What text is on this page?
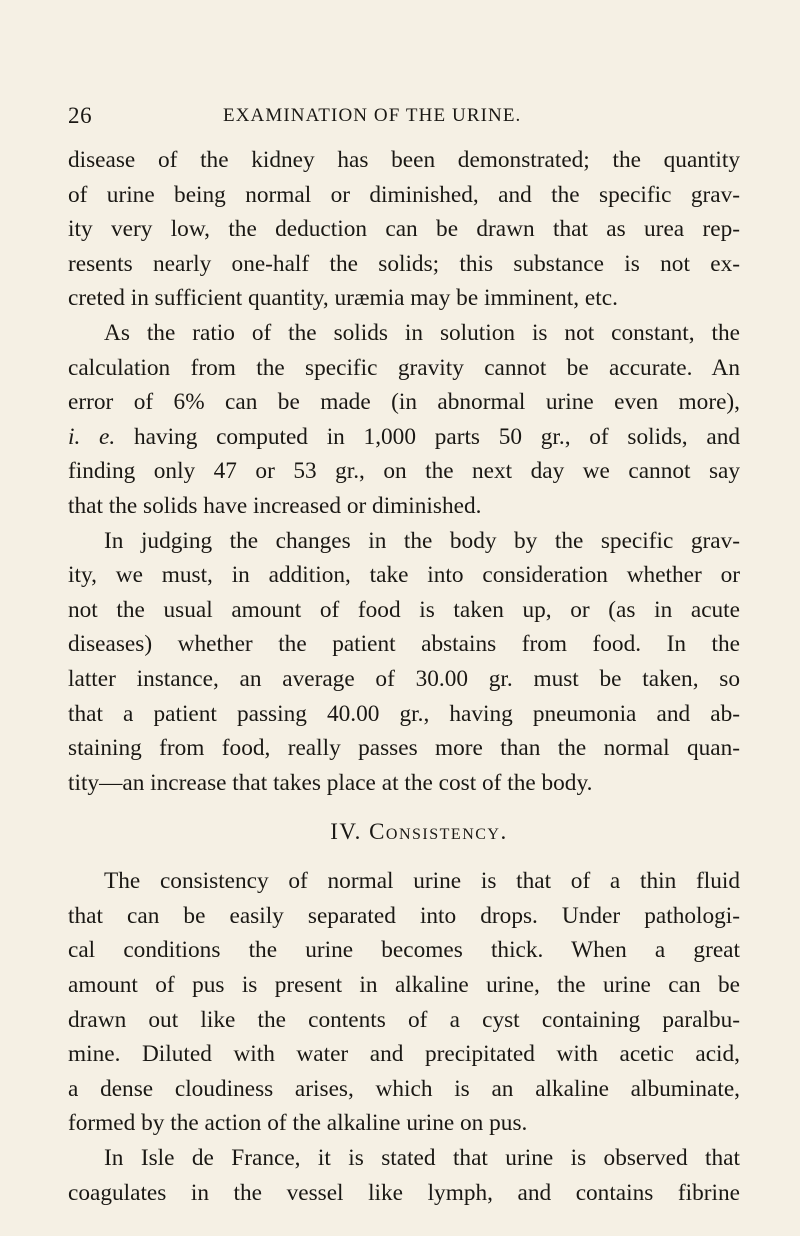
26	EXAMINATION OF THE URINE.
disease of the kidney has been demonstrated; the quantity
of urine being normal or diminished, and the specific grav-
ity very low, the deduction can be drawn that as urea rep-
resents nearly one-half the solids; this substance is not ex-
creted in sufficient quantity, uræmia may be imminent, etc.
As the ratio of the solids in solution is not constant, the
calculation from the specific gravity cannot be accurate. An
error of 6% can be made (in abnormal urine even more),
i. e. having computed in 1,000 parts 50 gr., of solids, and
finding only 47 or 53 gr., on the next day we cannot say
that the solids have increased or diminished.
In judging the changes in the body by the specific grav-
ity, we must, in addition, take into consideration whether or
not the usual amount of food is taken up, or (as in acute
diseases) whether the patient abstains from food. In the
latter instance, an average of 30.00 gr. must be taken, so
that a patient passing 40.00 gr., having pneumonia and ab-
staining from food, really passes more than the normal quan-
tity—an increase that takes place at the cost of the body.
IV. Consistency.
The consistency of normal urine is that of a thin fluid
that can be easily separated into drops. Under pathologi-
cal conditions the urine becomes thick. When a great
amount of pus is present in alkaline urine, the urine can be
drawn out like the contents of a cyst containing paralbu-
mine. Diluted with water and precipitated with acetic acid,
a dense cloudiness arises, which is an alkaline albuminate,
formed by the action of the alkaline urine on pus.
In Isle de France, it is stated that urine is observed that
coagulates in the vessel like lymph, and contains fibrine
